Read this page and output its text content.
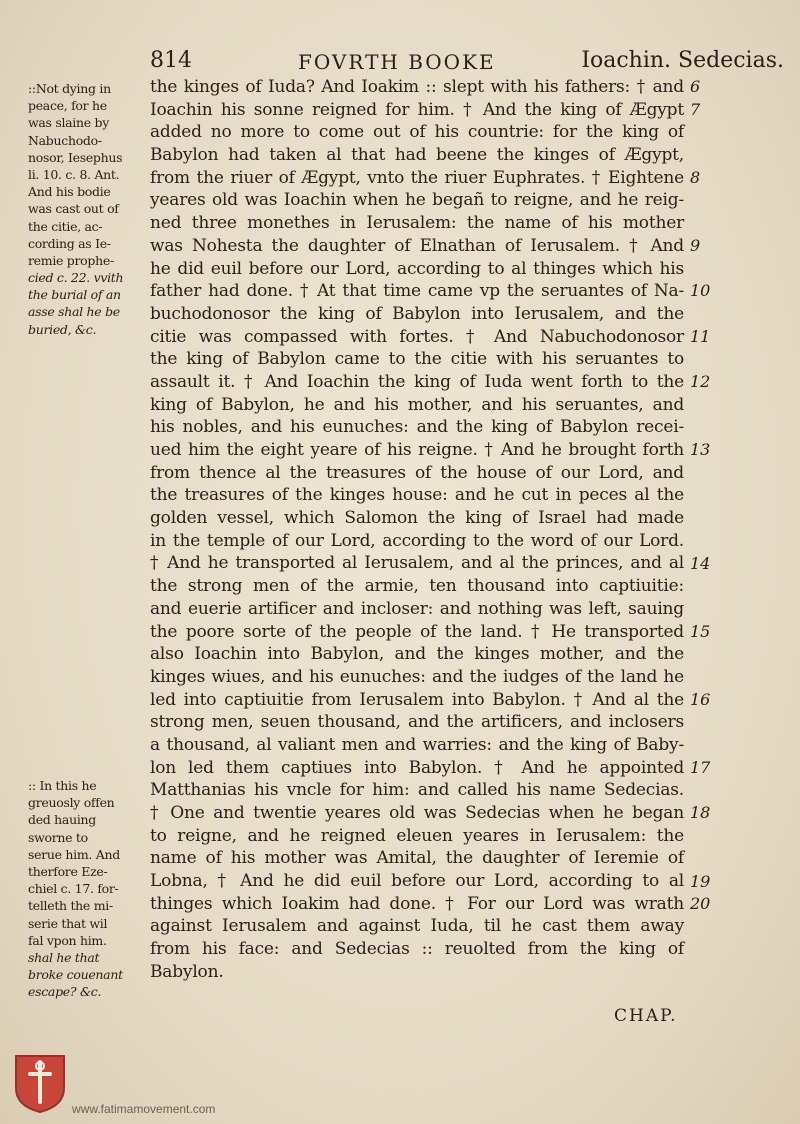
814	FOVRTH BOOKE	Ioachin. Sedecias.
::Not dying in
peace, for he
was slaine by
Nabuchodo-
nosor, Iesephus
li. 10. c. 8. Ant.
And his bodie
was cast out of
the citie, ac-
cording as Ie-
remie prophe-
cied c. 22. vvith
the burial of an
asse shal he be
buried, &c.
:: In this he
greuosly offen
ded hauing
sworne to
serue him. And
therfore Eze-
chiel c. 17. for-
telleth the mi-
serie that wil
fal vpon him.
shal he that
broke couenant
escape? &c.
the kinges of Iuda? And Ioakim :: slept with his fathers: † and
Ioachin his sonne reigned for him. † And the king of Ægypt
added no more to come out of his countrie: for the king of
Babylon had taken al that had beene the kinges of Ægypt,
from the riuer of Ægypt, vnto the riuer Euphrates. † Eightene
yeares old was Ioachin when he begañ to reigne, and he reig-
ned three monethes in Ierusalem: the name of his mother
was Nohesta the daughter of Elnathan of Ierusalem. † And
he did euil before our Lord, according to al thinges which his
father had done. † At that time came vp the seruantes of Na-
buchodonosor the king of Babylon into Ierusalem, and the
citie was compassed with fortes. † And Nabuchodonosor
the king of Babylon came to the citie with his seruantes to
assault it. † And Ioachin the king of Iuda went forth to the
king of Babylon, he and his mother, and his seruantes, and
his nobles, and his eunuches: and the king of Babylon recei-
ued him the eight yeare of his reigne. † And he brought forth
from thence al the treasures of the house of our Lord, and
the treasures of the kinges house: and he cut in peces al the
golden vessel, which Salomon the king of Israel had made
in the temple of our Lord, according to the word of our Lord.
† And he transported al Ierusalem, and al the princes, and al
the strong men of the armie, ten thousand into captiuitie:
and euerie artificer and incloser: and nothing was left, sauing
the poore sorte of the people of the land. † He transported
also Ioachin into Babylon, and the kinges mother, and the
kinges wiues, and his eunuches: and the iudges of the land he
led into captiuitie from Ierusalem into Babylon. † And al the
strong men, seuen thousand, and the artificers, and inclosers
a thousand, al valiant men and warries: and the king of Baby-
lon led them captiues into Babylon. † And he appointed
Matthanias his vncle for him: and called his name Sedecias.
† One and twentie yeares old was Sedecias when he began
to reigne, and he reigned eleuen yeares in Ierusalem: the
name of his mother was Amital, the daughter of Ieremie of
Lobna, † And he did euil before our Lord, according to al
thinges which Ioakim had done. † For our Lord was wrath
against Ierusalem and against Iuda, til he cast them away
from his face: and Sedecias :: reuolted from the king of
Babylon.
6
7
8
9
10
11
12
13
14
15
16
17
18
19
20
CHAP.
www.fatimamovement.com
